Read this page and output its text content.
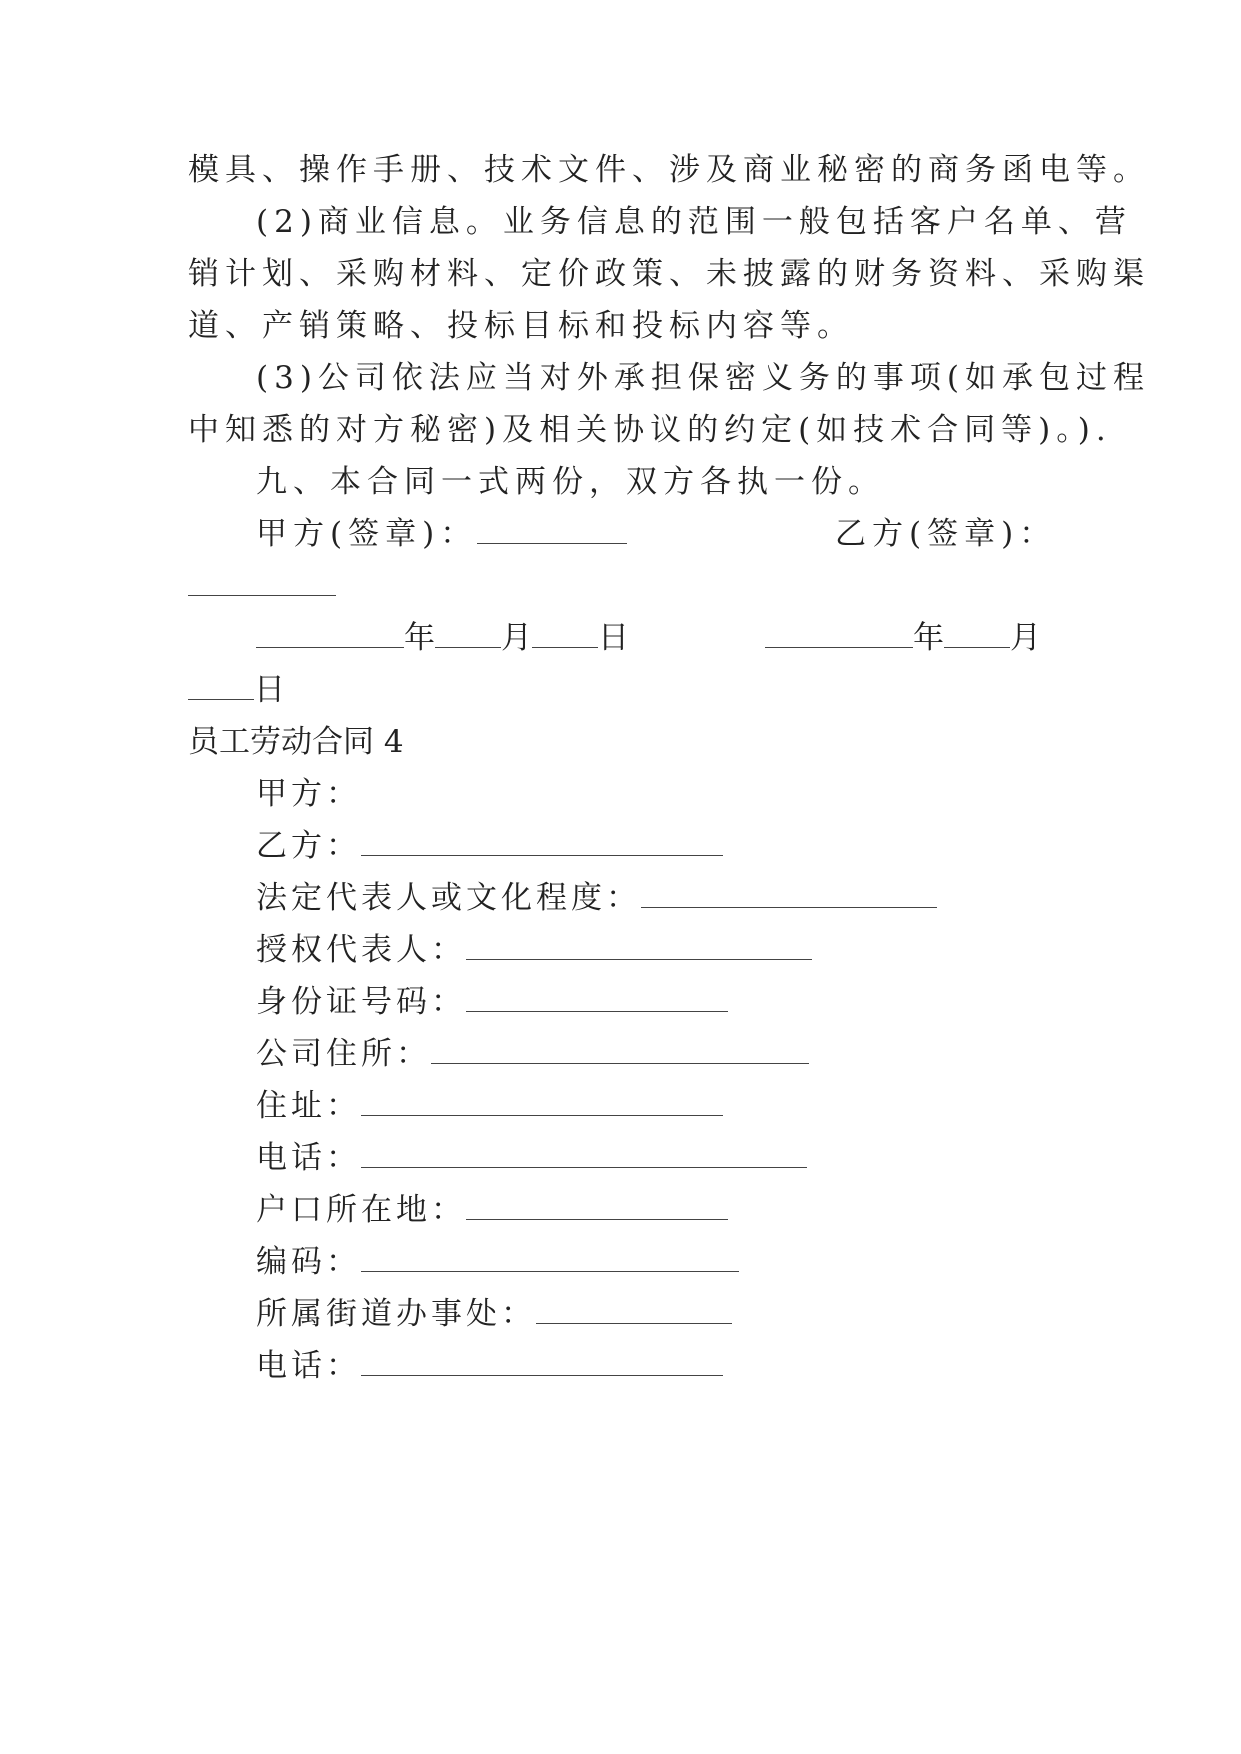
模具、操作手册、技术文件、涉及商业秘密的商务函电等。
(2)商业信息。业务信息的范围一般包括客户名单、营
销计划、采购材料、定价政策、未披露的财务资料、采购渠
道、产销策略、投标目标和投标内容等。
(3)公司依法应当对外承担保密义务的事项(如承包过程
中知悉的对方秘密)及相关协议的约定(如技术合同等)。).
九、本合同一式两份，双方各执一份。
甲方(签章)：	乙方(签章)：
年 月 日	年 月
日
员工劳动合同 4
甲方：
乙方：
法定代表人或文化程度：
授权代表人：
身份证号码：
公司住所：
住址：
电话：
户口所在地：
编码：
所属街道办事处：
电话：
